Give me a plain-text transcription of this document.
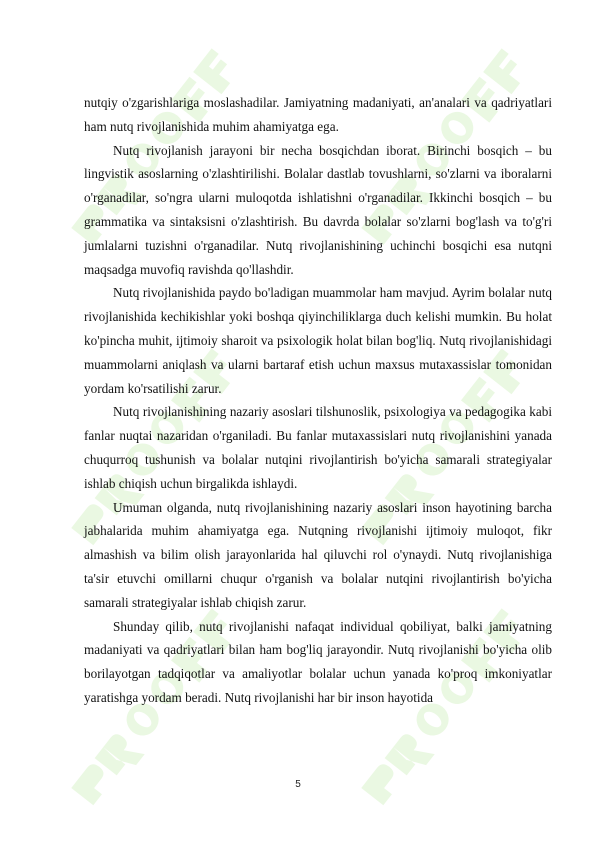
nutqiy o'zgarishlariga moslashadilar. Jamiyatning madaniyati, an'analari va qadriyatlari ham nutq rivojlanishida muhim ahamiyatga ega.

Nutq rivojlanish jarayoni bir necha bosqichdan iborat. Birinchi bosqich – bu lingvistik asoslarning o'zlashtirilishi. Bolalar dastlab tovushlarni, so'zlarni va iboralarni o'rganadilar, so'ngra ularni muloqotda ishlatishni o'rganadilar. Ikkinchi bosqich – bu grammatika va sintaksisni o'zlashtirish. Bu davrda bolalar so'zlarni bog'lash va to'g'ri jumlalarni tuzishni o'rganadilar. Nutq rivojlanishining uchinchi bosqichi esa nutqni maqsadga muvofiq ravishda qo'llashdir.

Nutq rivojlanishida paydo bo'ladigan muammolar ham mavjud. Ayrim bolalar nutq rivojlanishida kechikishlar yoki boshqa qiyinchiliklarga duch kelishi mumkin. Bu holat ko'pincha muhit, ijtimoiy sharoit va psixologik holat bilan bog'liq. Nutq rivojlanishidagi muammolarni aniqlash va ularni bartaraf etish uchun maxsus mutaxassislar tomonidan yordam ko'rsatilishi zarur.

Nutq rivojlanishining nazariy asoslari tilshunoslik, psixologiya va pedagogika kabi fanlar nuqtai nazaridan o'rganiladi. Bu fanlar mutaxassislari nutq rivojlanishini yanada chuqurroq tushunish va bolalar nutqini rivojlantirish bo'yicha samarali strategiyalar ishlab chiqish uchun birgalikda ishlaydi.

Umuman olganda, nutq rivojlanishining nazariy asoslari inson hayotining barcha jabhalarida muhim ahamiyatga ega. Nutqning rivojlanishi ijtimoiy muloqot, fikr almashish va bilim olish jarayonlarida hal qiluvchi rol o'ynaydi. Nutq rivojlanishiga ta'sir etuvchi omillarni chuqur o'rganish va bolalar nutqini rivojlantirish bo'yicha samarali strategiyalar ishlab chiqish zarur.

Shunday qilib, nutq rivojlanishi nafaqat individual qobiliyat, balki jamiyatning madaniyati va qadriyatlari bilan ham bog'liq jarayondir. Nutq rivojlanishi bo'yicha olib borilayotgan tadqiqotlar va amaliyotlar bolalar uchun yanada ko'proq imkoniyatlar yaratishga yordam beradi. Nutq rivojlanishi har bir inson hayotida

5
